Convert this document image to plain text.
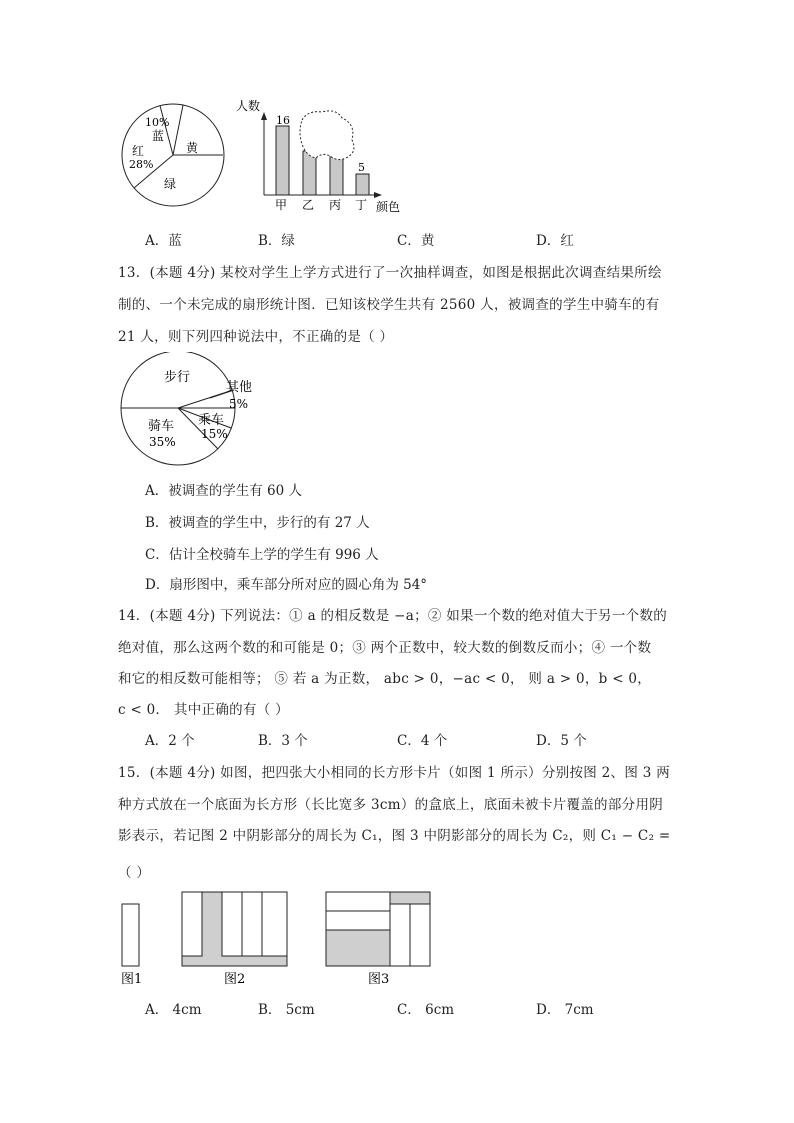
10%
蓝
黄
红
28%
绿
人数
16
5
甲 乙 丙 丁 颜色
A．蓝	B．绿	C．黄	D．红
13．(本题 4分) 某校对学生上学方式进行了一次抽样调查，如图是根据此次调查结果所绘
制的、一个未完成的扇形统计图．已知该校学生共有 2560 人，被调查的学生中骑车的有
21 人，则下列四种说法中，不正确的是（ ）
步行
骑车
35%
乘车
15%
其他
5%
A．被调查的学生有 60 人
B．被调查的学生中，步行的有 27 人
C．估计全校骑车上学的学生有 996 人
D．扇形图中，乘车部分所对应的圆心角为 54°
14．(本题 4分) 下列说法：① a 的相反数是 −a；② 如果一个数的绝对值大于另一个数的
绝对值，那么这两个数的和可能是 0；③ 两个正数中，较大数的倒数反而小；④ 一个数
和它的相反数可能相等； ⑤ 若 a 为正数， abc > 0，−ac < 0， 则 a > 0，b < 0，
c < 0． 其中正确的有（ ）
A．2 个	B．3 个	C．4 个	D．5 个
15．(本题 4分) 如图，把四张大小相同的长方形卡片（如图 1 所示）分别按图 2、图 3 两
种方式放在一个底面为长方形（长比宽多 3cm）的盒底上，底面未被卡片覆盖的部分用阴
影表示，若记图 2 中阴影部分的周长为 C₁，图 3 中阴影部分的周长为 C₂，则 C₁ − C₂ =
（ ）
图1	图2	图3
A． 4cm	B． 5cm	C． 6cm	D． 7cm
